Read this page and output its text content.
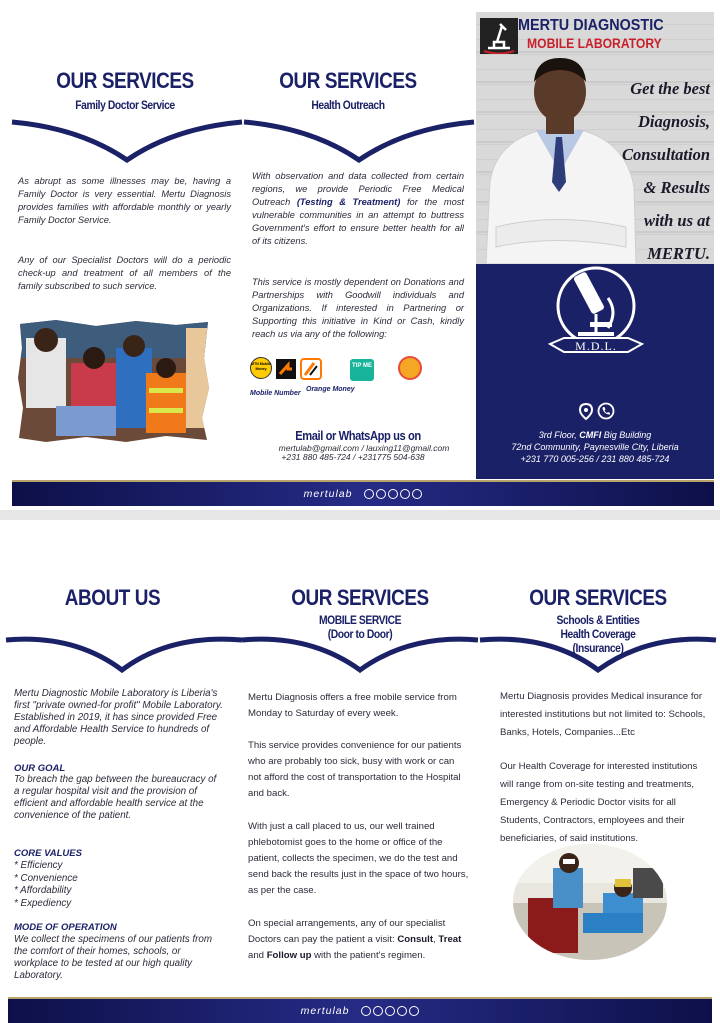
OUR SERVICES
Family Doctor Service
As abrupt as some illnesses may be, having a Family Doctor is very essential. Mertu Diagnosis provides families with affordable monthly or yearly Family Doctor Service.
Any of our Specialist Doctors will do a periodic check-up and treatment of all members of the family subscribed to such service.
OUR SERVICES
Health Outreach
With observation and data collected from certain regions, we provide Periodic Free Medical Outreach (Testing & Treatment) for the most vulnerable communities in an attempt to buttress Government's effort to ensure better health for all of its citizens.
This service is mostly dependent on Donations and Partnerships with Goodwill individuals and Organizations. If interested in Partnering or Supporting this initiative in Kind or Cash, kindly reach us via any of the following:
MTN Mobile Money	TIP ME
Mobile Number
Orange Money
Email or WhatsApp us on
mertulab@gmail.com / lauxing11@gmail.com
+231 880 485-724 / +231775 504-638
MERTU DIAGNOSTIC
MOBILE LABORATORY
Get the best
Diagnosis,
Consultation
& Results
with us at
MERTU.
M.D.L.
3rd Floor, CMFI Big Building
72nd Community, Paynesville City, Liberia
+231 770 005-256 / 231 880 485-724
mertulab
ABOUT US
Mertu Diagnostic Mobile Laboratory is Liberia's first "private owned-for profit" Mobile Laboratory. Established in 2019, it has since provided Free and Affordable Health Service to hundreds of people.
OUR GOAL
To breach the gap between the bureaucracy of a regular hospital visit and the provision of efficient and affordable health service at the convenience of the patient.
CORE VALUES
* Efficiency
* Convenience
* Affordability
* Expediency
MODE OF OPERATION
We collect the specimens of our patients from the comfort of their homes, schools, or workplace to be tested at our high quality Laboratory.
OUR SERVICES
MOBILE SERVICE
(Door to Door)
Mertu Diagnosis offers a free mobile service from Monday to Saturday of every week.
This service provides convenience for our patients who are probably too sick, busy with work or can not afford the cost of transportation to the Hospital and back.
With just a call placed to us, our well trained phlebotomist goes to the home or office of the patient, collects the specimen, we do the test and send back the results just in the space of two hours, as per the case.
On special arrangements, any of our specialist Doctors can pay the patient a visit: Consult, Treat and Follow up with the patient's regimen.
OUR SERVICES
Schools & Entities
Health Coverage
(Insurance)
Mertu Diagnosis provides Medical insurance for interested institutions but not limited to: Schools, Banks, Hotels, Companies...Etc
Our Health Coverage for interested institutions will range from on-site testing and treatments, Emergency & Periodic Doctor visits for all Students, Contractors, employees and their beneficiaries, of said institutions.
mertulab
